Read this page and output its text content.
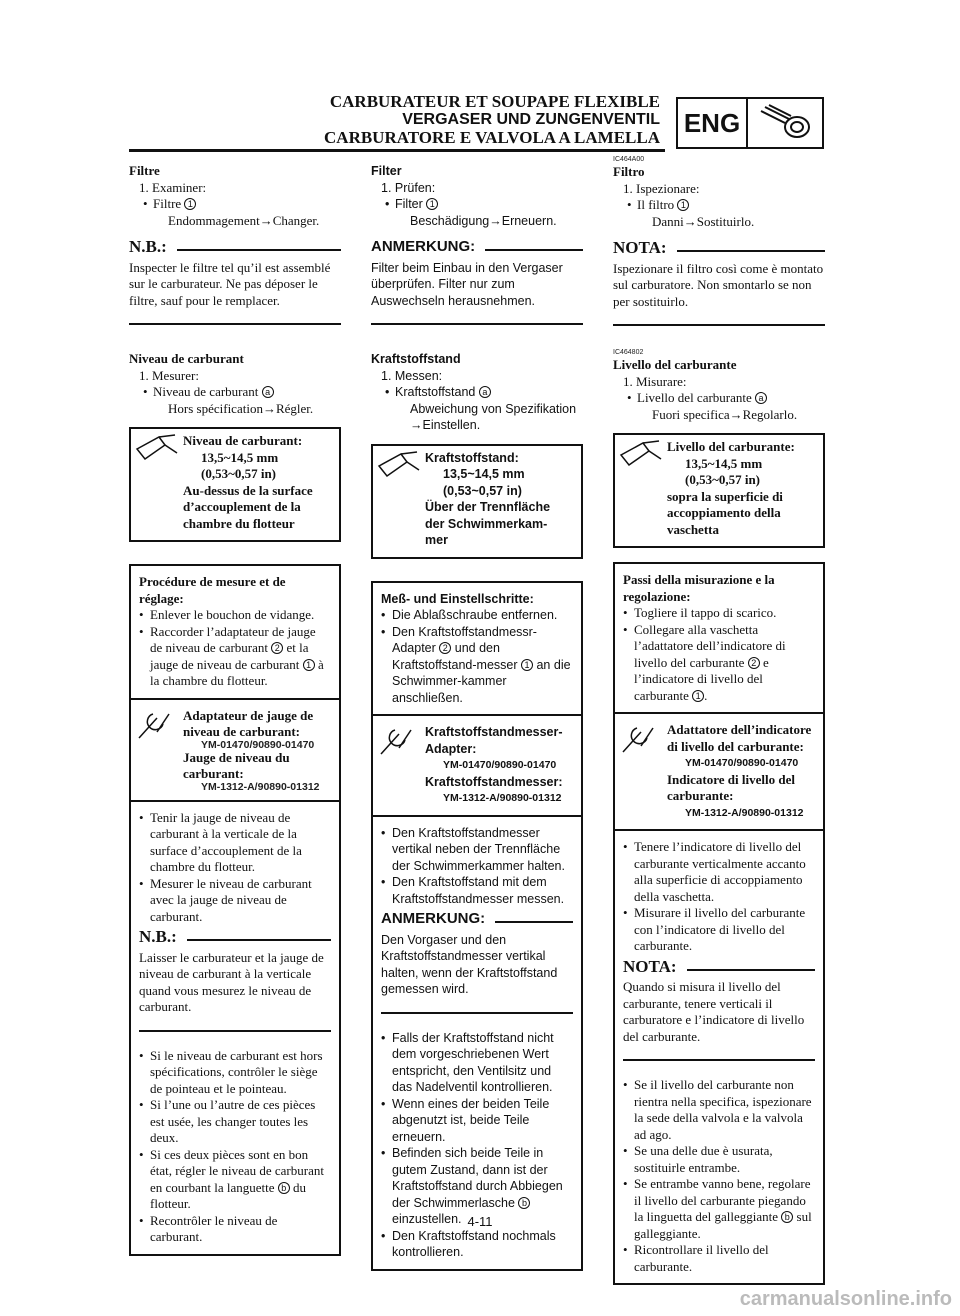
CARBURATEUR ET SOUPAPE FLEXIBLE
VERGASER UND ZUNGENVENTIL
CARBURATORE E VALVOLA A LAMELLA ENG
Filtre
1. Examiner:
• Filtre 1
Endommagement→Changer.
N.B.:
Inspecter le filtre tel qu’il est assemblé sur le carburateur. Ne pas déposer le filtre, sauf pour le remplacer.
Niveau de carburant
1. Mesurer:
• Niveau de carburant a
Hors spécification→Régler.
Niveau de carburant:
13,5~14,5 mm
(0,53~0,57 in)
Au-dessus de la surface
d’accouplement de la
chambre du flotteur
Procédure de mesure et de réglage:
• Enlever le bouchon de vidange.
• Raccorder l’adaptateur de jauge de niveau de carburant 2 et la jauge de niveau de carburant 1 à la chambre du flotteur.
Adaptateur de jauge de niveau de carburant:
YM-01470/90890-01470
Jauge de niveau du carburant:
YM-1312-A/90890-01312
• Tenir la jauge de niveau de carburant à la verticale de la surface d’accouplement de la chambre du flotteur.
• Mesurer le niveau de carburant avec la jauge de niveau de carburant.
N.B.:
Laisser le carburateur et la jauge de niveau de carburant à la verticale quand vous mesurez le niveau de carburant.
• Si le niveau de carburant est hors spécifications, contrôler le siège de pointeau et le pointeau.
• Si l’une ou l’autre de ces pièces est usée, les changer toutes les deux.
• Si ces deux pièces sont en bon état, régler le niveau de carburant en courbant la languette b du flotteur.
• Recontrôler le niveau de carburant.
Filter
1. Prüfen:
• Filter 1
Beschädigung→Erneuern.
ANMERKUNG:
Filter beim Einbau in den Vergaser überprüfen. Filter nur zum Auswechseln herausnehmen.
Kraftstoffstand
1. Messen:
• Kraftstoffstand a
Abweichung von Spezifikation →Einstellen.
Kraftstoffstand:
13,5~14,5 mm
(0,53~0,57 in)
Über der Trennfläche
der Schwimmerkam-
mer
Meß- und Einstellschritte:
• Die Ablaßschraube entfernen.
• Den Kraftstoffstandmessr-Adapter 2 und den Kraftstoffstand-messer 1 an die Schwimmer-kammer anschließen.
Kraftstoffstandmesser-Adapter:
YM-01470/90890-01470
Kraftstoffstandmesser:
YM-1312-A/90890-01312
• Den Kraftstoffstandmesser vertikal neben der Trennfläche der Schwimmerkammer halten.
• Den Kraftstoffstand mit dem Kraftstoffstandmesser messen.
ANMERKUNG:
Den Vorgaser und den Kraftstoffstandmesser vertikal halten, wenn der Kraftstoffstand gemessen wird.
• Falls der Kraftstoffstand nicht dem vorgeschriebenen Wert entspricht, den Ventilsitz und das Nadelventil kontrollieren.
• Wenn eines der beiden Teile abgenutzt ist, beide Teile erneuern.
• Befinden sich beide Teile in gutem Zustand, dann ist der Kraftstoffstand durch Abbiegen der Schwimmerlasche b einzustellen.
• Den Kraftstoffstand nochmals kontrollieren.
IC464A00
Filtro
1. Ispezionare:
• Il filtro 1
Danni→Sostituirlo.
NOTA:
Ispezionare il filtro così come è montato sul carburatore. Non smontarlo se non per sostituirlo.
IC464802
Livello del carburante
1. Misurare:
• Livello del carburante a
Fuori specifica→Regolarlo.
Livello del carburante:
13,5~14,5 mm
(0,53~0,57 in)
sopra la superficie di
accoppiamento della
vaschetta
Passi della misurazione e la regolazione:
• Togliere il tappo di scarico.
• Collegare alla vaschetta l’adattatore dell’indicatore di livello del carburante 2 e l’indicatore di livello del carburante 1 .
Adattatore dell’indicatore di livello del carburante:
YM-01470/90890-01470
Indicatore di livello del carburante:
YM-1312-A/90890-01312
• Tenere l’indicatore di livello del carburante verticalmente accanto alla superficie di accoppiamento della vaschetta.
• Misurare il livello del carburante con l’indicatore di livello del carburante.
NOTA:
Quando si misura il livello del carburante, tenere verticali il carburatore e l’indicatore di livello del carburante.
• Se il livello del carburante non rientra nella specifica, ispezionare la sede della valvola e la valvola ad ago.
• Se una delle due è usurata, sostituirle entrambe.
• Se entrambe vanno bene, regolare il livello del carburante piegando la linguetta del galleggiante b sul galleggiante.
• Ricontrollare il livello del carburante.
4-11
carmanualsonline.info
